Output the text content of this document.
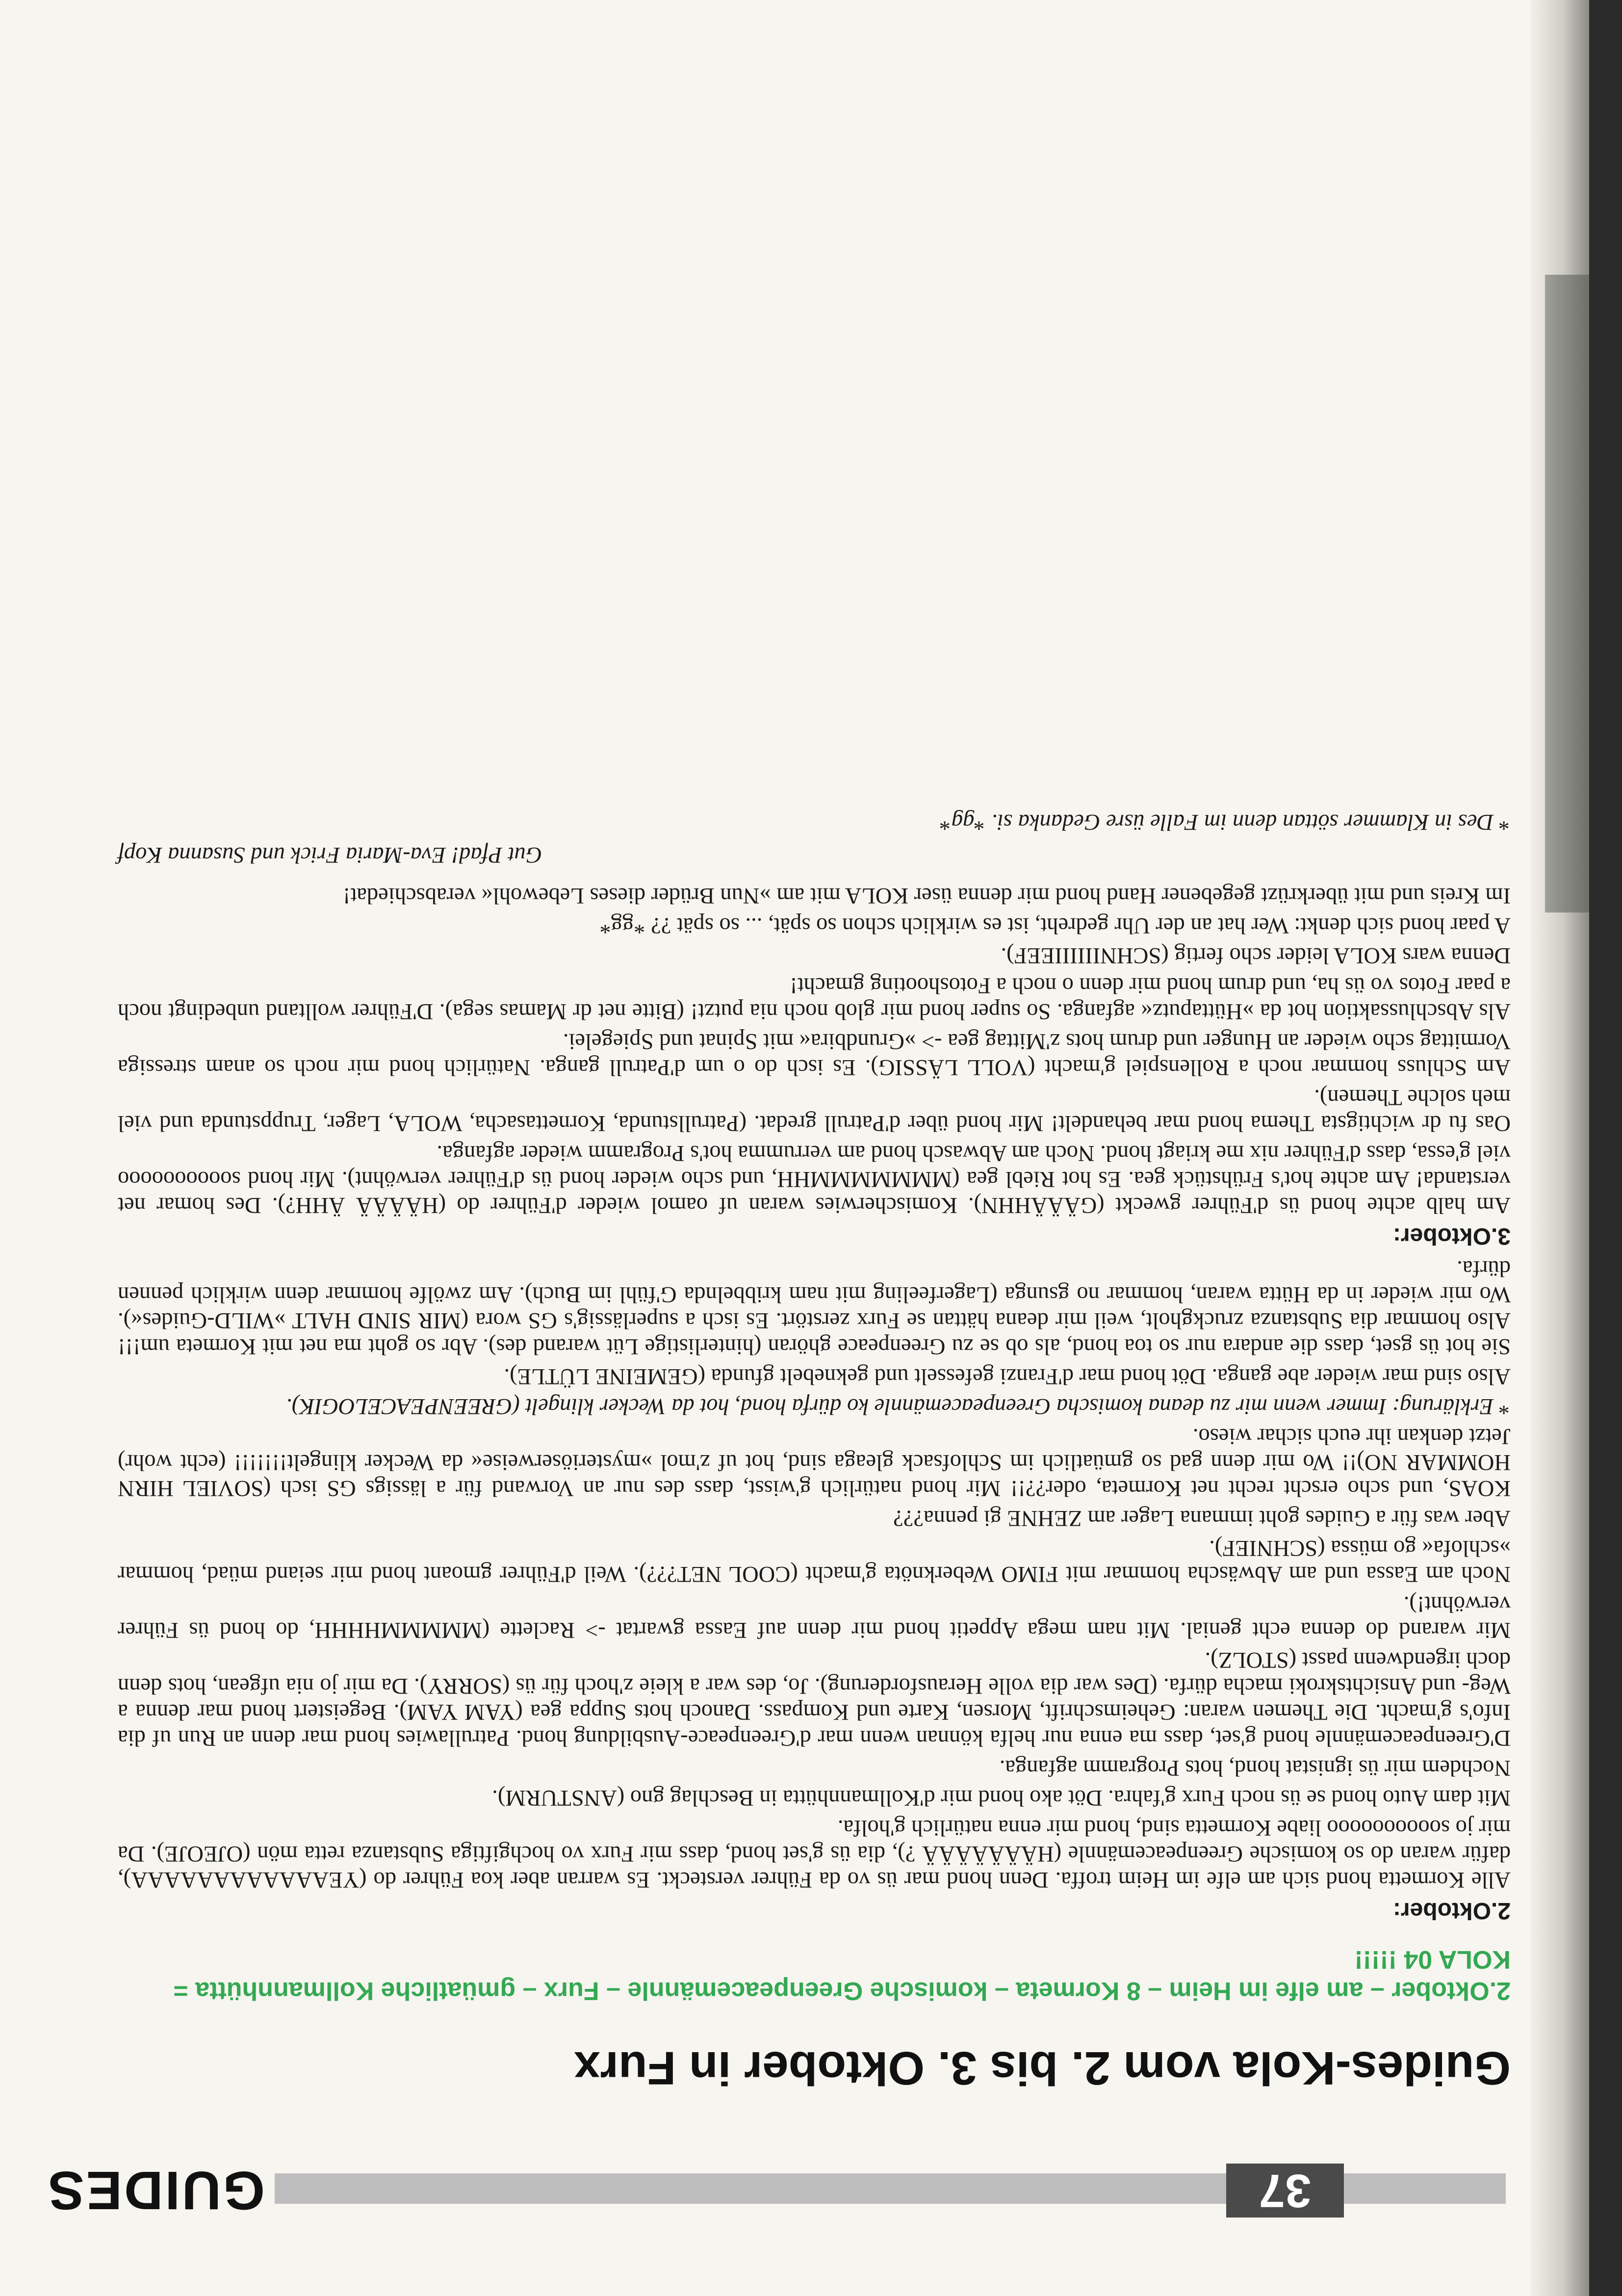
37
GUIDES
Guides-Kola vom 2. bis 3. Oktober in Furx
2.Oktober – am elfe im Heim – 8 Kormeta – komische Greenpeacemännle – Furx – gmüatliche Kollmannhütta = KOLA 04 !!!!!

2.Oktober:

Alle Kormetta hond sich am elfe im Heim troffa. Denn hond mar üs vo da Führer versteckt. Es warran aber koa Führer do (YEAAAAAAAAAAAA), dafür waran do so komische Greenpeacemännle (HÄÄÄÄÄÄÄ ?), dia üs g'set hond, dass mir Furx vo hochgiftiga Substanza retta mön (OJEOJE). Da mir jo soooooooooo liabe Kormetta sind, hond mir enna natürlich g'holfa.

Mit dam Auto hond se üs noch Furx g'fahra. Döt ako hond mir d'Kollmannhütta in Beschlag gno (ANSTURM).

Nochdem mir üs ignistat hond, hots Programm agfanga.

D'Greenpeacemännle hond g'set, dass ma enna nur helfa könnan wenn mar d'Greenpeace-Ausbildung hond. Patrullawies hond mar denn an Run uf dia Info's g'macht. Die Themen waran: Geheimschrift, Morsen, Karte und Kompass. Danoch hots Suppa gea (YAM YAM). Begeistert hond mar denna a Weg- und Ansichtskroki macha dürfa. (Des war dia volle Herausforderung). Jo, des war a kleie z'hoch für üs (SORRY). Da mir jo nia ufgean, hots denn doch irgendwenn passt (STOLZ).

Mir warand do denna echt genial. Mit nam mega Appetit hond mir denn auf Eassa gwartat -> Raclette (MMMMMHHHH, do hond üs Führer verwöhnt!).

Noch am Eassa und am Abwäscha hommar mit FIMO Weberknöta g'macht (COOL NET???). Weil d'Führer gmoant hond mir seiand müad, hommar »schlofa« go müssa (SCHNIEF).

Aber was für a Guides goht immana Lager am ZEHNE gi penna???

KOAS, und scho erscht recht net Kormeta, oder??!! Mir hond natürlich g'wisst, dass des nur an Vorwand für a lässigs GS isch (SOVIEL HIRN HOMMAR NO)!! Wo mir denn gad so gmüatlich im Schlofsack gleaga sind, hot uf z'mol »mysteriöserweise« da Wecker klingelt!!!!!!! (echt wohr) Jetzt denkan ihr euch sichar wieso.

* Erklärung: Immer wenn mir zu deana komischa Greenpeacemännle ko dürfa hond, hot da Wecker klingelt (GREENPEACELOGIK).

Also sind mar wieder abe ganga. Döt hond mar d'Franzi gefesselt und geknebelt gfunda (GEMEINE LÜTLE).

Sie hot üs gset, dass die andara nur so toa hond, als ob se zu Greenpeace ghöran (hinterlistige Lüt warand des). Abr so goht ma net mit Kormeta um!!! Also hommar dia Substanza zruckgholt, weil mir deana hättan se Furx zerstört. Es isch a superlässig's GS wora (MIR SIND HALT »WILD-Guides«). Wo mir wieder in da Hütta waran, hommar no gsunga (Lagerfeeling mit nam kribbelnda G'fühl im Buch). Am zwölfe hommar denn wirklich pennen dürfa.

3.Oktober:

Am halb achte hond üs d'Führer gweckt (GÄÄÄHHN). Komischerwies waran uf oamol wieder d'Führer do (HÄÄÄÄ ÄHH?). Des homar net verstanda! Am achte hot's Frühstück gea. Es hot Riebl gea (MMMMMMMHH, und scho wieder hond üs d'Führer verwöhnt). Mir hond soooooooooo viel g'essa, dass d'Führer nix me kriagt hond. Noch am Abwasch hond am verrumma hot's Programm wieder agfanga.

Oas fu dr wichtigsta Thema hond mar behandelt! Mir hond über d'Patrull gredat. (Patrullstunda, Kornettasacha, WOLA, Lager, Truppstunda und viel meh solche Themen).

Am Schluss hommar noch a Rollenspiel g'macht (VOLL LÄSSIG). Es isch do o um d'Patrull ganga. Natürlich hond mir noch so anam stressiga Vormittag scho wieder an Hunger und drum hots z'Mittag gea -> »Grundbira« mit Spinat und Spiegelei.

Als Abschlussaktion hot da »Hüttaputz« agfanga. So super hond mir glob noch nia putzt! (Bitte net dr Mamas sega). D'Führer wolltand unbedingt noch a paar Fotos vo üs ha, und drum hond mir denn o noch a Fotoshooting gmacht!

Denna wars KOLA leider scho fertig (SCHNIIIIIIEEF).

A paar hond sich denkt: Wer hat an der Uhr gedreht, ist es wirklich schon so spät, ... so spät ?? *gg*

Im Kreis und mit überkrüzt gegebener Hand hond mir denna üser KOLA mit am »Nun Brüder dieses Lebewohl« verabschiedat!

Gut Pfad! Eva-Maria Frick und Susanna Kopf

* Des in Klammer söttan denn im Falle üsre Gedanka si. *gg*
